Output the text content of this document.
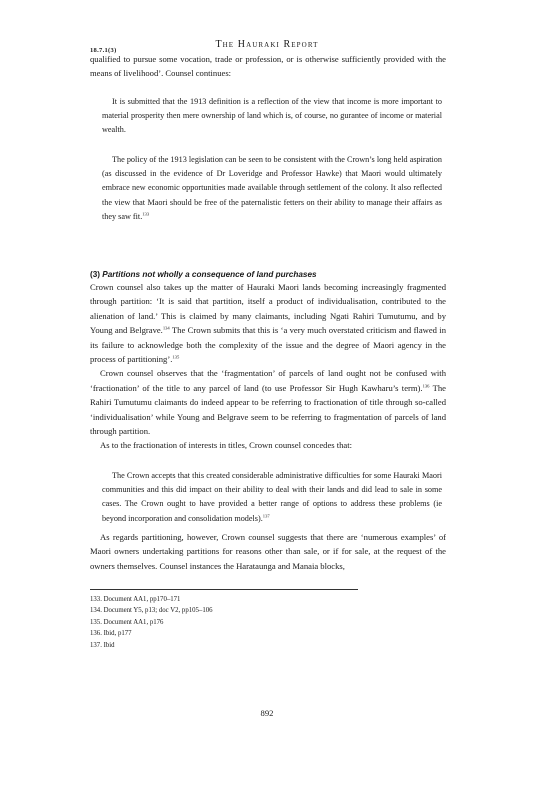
The Hauraki Report
18.7.1(3)

qualified to pursue some vocation, trade or profession, or is otherwise sufficiently provided with the means of livelihood’. Counsel continues:

It is submitted that the 1913 definition is a reflection of the view that income is more important to material prosperity then mere ownership of land which is, of course, no gurantee of income or material wealth.

The policy of the 1913 legislation can be seen to be consistent with the Crown’s long held aspiration (as discussed in the evidence of Dr Loveridge and Professor Hawke) that Maori would ultimately embrace new economic opportunities made available through settlement of the colony. It also reflected the view that Maori should be free of the paternalistic fetters on their ability to manage their affairs as they saw fit.$^{133}$

(3) Partitions not wholly a consequence of land purchases

Crown counsel also takes up the matter of Hauraki Maori lands becoming increasingly fragmented through partition: ‘It is said that partition, itself a product of individualisation, contributed to the alienation of land.’ This is claimed by many claimants, including Ngati Rahiri Tumutumu, and by Young and Belgrave.$^{134}$ The Crown submits that this is ‘a very much overstated criticism and flawed in its failure to acknowledge both the complexity of the issue and the degree of Maori agency in the process of partitioning’.$^{135}$

Crown counsel observes that the ‘fragmentation’ of parcels of land ought not be confused with ‘fractionation’ of the title to any parcel of land (to use Professor Sir Hugh Kawharu’s term).$^{136}$ The Rahiri Tumutumu claimants do indeed appear to be referring to fractionation of title through so-called ‘individualisation’ while Young and Belgrave seem to be referring to fragmentation of parcels of land through partition.

As to the fractionation of interests in titles, Crown counsel concedes that:

The Crown accepts that this created considerable administrative difficulties for some Hauraki Maori communities and this did impact on their ability to deal with their lands and did lead to sale in some cases. The Crown ought to have provided a better range of options to address these problems (ie beyond incorporation and consolidation models).$^{137}$

As regards partitioning, however, Crown counsel suggests that there are ‘numerous examples’ of Maori owners undertaking partitions for reasons other than sale, or if for sale, at the request of the owners themselves. Counsel instances the Harataunga and Manaia blocks,

133. Document AA1, pp170–171
134. Document Y5, p13; doc V2, pp105–106
135. Document AA1, p176
136. Ibid, p177
137. Ibid
892
